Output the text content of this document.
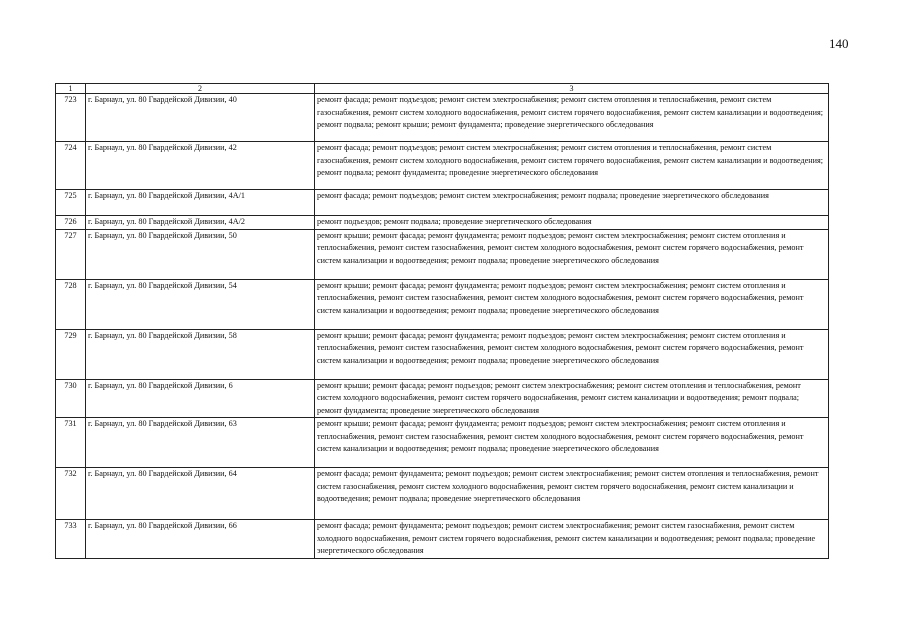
140
1	2	3
723	г. Барнаул, ул. 80 Гвардейской Дивизии, 40	ремонт фасада; ремонт подъездов; ремонт систем электроснабжения; ремонт систем отопления и теплоснабжения, ремонт систем газоснабжения, ремонт систем холодного водоснабжения, ремонт систем горячего водоснабжения, ремонт систем канализации и водоотведения; ремонт подвала; ремонт крыши; ремонт фундамента; проведение энергетического обследования
724	г. Барнаул, ул. 80 Гвардейской Дивизии, 42	ремонт фасада; ремонт подъездов; ремонт систем электроснабжения; ремонт систем отопления и теплоснабжения, ремонт систем газоснабжения, ремонт систем холодного водоснабжения, ремонт систем горячего водоснабжения, ремонт систем канализации и водоотведения; ремонт подвала; ремонт фундамента; проведение энергетического обследования
725	г. Барнаул, ул. 80 Гвардейской Дивизии, 4А/1	ремонт фасада; ремонт подъездов; ремонт систем электроснабжения; ремонт подвала; проведение энергетического обследования
726	г. Барнаул, ул. 80 Гвардейской Дивизии, 4А/2	ремонт подъездов; ремонт подвала; проведение энергетического обследования
727	г. Барнаул, ул. 80 Гвардейской Дивизии, 50	ремонт крыши; ремонт фасада; ремонт фундамента; ремонт подъездов; ремонт систем электроснабжения; ремонт систем отопления и теплоснабжения, ремонт систем газоснабжения, ремонт систем холодного водоснабжения, ремонт систем горячего водоснабжения, ремонт систем канализации и водоотведения; ремонт подвала; проведение энергетического обследования
728	г. Барнаул, ул. 80 Гвардейской Дивизии, 54	ремонт крыши; ремонт фасада; ремонт фундамента; ремонт подъездов; ремонт систем электроснабжения; ремонт систем отопления и теплоснабжения, ремонт систем газоснабжения, ремонт систем холодного водоснабжения, ремонт систем горячего водоснабжения, ремонт систем канализации и водоотведения; ремонт подвала; проведение энергетического обследования
729	г. Барнаул, ул. 80 Гвардейской Дивизии, 58	ремонт крыши; ремонт фасада; ремонт фундамента; ремонт подъездов; ремонт систем электроснабжения; ремонт систем отопления и теплоснабжения, ремонт систем газоснабжения, ремонт систем холодного водоснабжения, ремонт систем горячего водоснабжения, ремонт систем канализации и водоотведения; ремонт подвала; проведение энергетического обследования
730	г. Барнаул, ул. 80 Гвардейской Дивизии, 6	ремонт крыши; ремонт фасада; ремонт подъездов; ремонт систем электроснабжения; ремонт систем отопления и теплоснабжения, ремонт систем холодного водоснабжения, ремонт систем горячего водоснабжения, ремонт систем канализации и водоотведения; ремонт подвала; ремонт фундамента; проведение энергетического обследования
731	г. Барнаул, ул. 80 Гвардейской Дивизии, 63	ремонт крыши; ремонт фасада; ремонт фундамента; ремонт подъездов; ремонт систем электроснабжения; ремонт систем отопления и теплоснабжения, ремонт систем газоснабжения, ремонт систем холодного водоснабжения, ремонт систем горячего водоснабжения, ремонт систем канализации и водоотведения; ремонт подвала; проведение энергетического обследования
732	г. Барнаул, ул. 80 Гвардейской Дивизии, 64	ремонт фасада; ремонт фундамента; ремонт подъездов; ремонт систем электроснабжения; ремонт систем отопления и теплоснабжения, ремонт систем газоснабжения, ремонт систем холодного водоснабжения, ремонт систем горячего водоснабжения, ремонт систем канализации и водоотведения; ремонт подвала; проведение энергетического обследования
733	г. Барнаул, ул. 80 Гвардейской Дивизии, 66	ремонт фасада; ремонт фундамента; ремонт подъездов; ремонт систем электроснабжения; ремонт систем газоснабжения, ремонт систем холодного водоснабжения, ремонт систем горячего водоснабжения, ремонт систем канализации и водоотведения; ремонт подвала; проведение энергетического обследования
